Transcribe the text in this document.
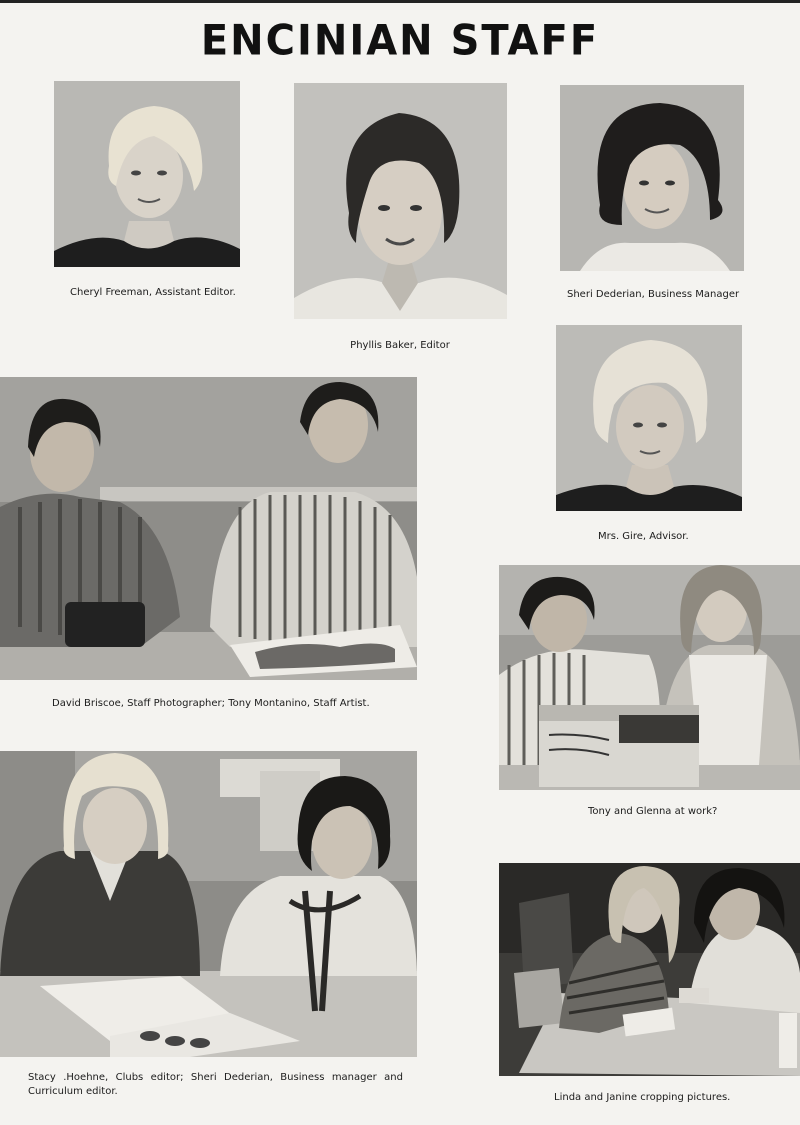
ENCINIAN STAFF
Cheryl Freeman, Assistant Editor.
Phyllis Baker, Editor
Sheri Dederian, Business Manager
Mrs. Gire, Advisor.
David Briscoe, Staff Photographer; Tony Montanino, Staff Artist.
Tony and Glenna at work?
Stacy .Hoehne, Clubs editor; Sheri Dederian, Business manager and Curriculum editor.
Linda and Janine cropping pictures.
